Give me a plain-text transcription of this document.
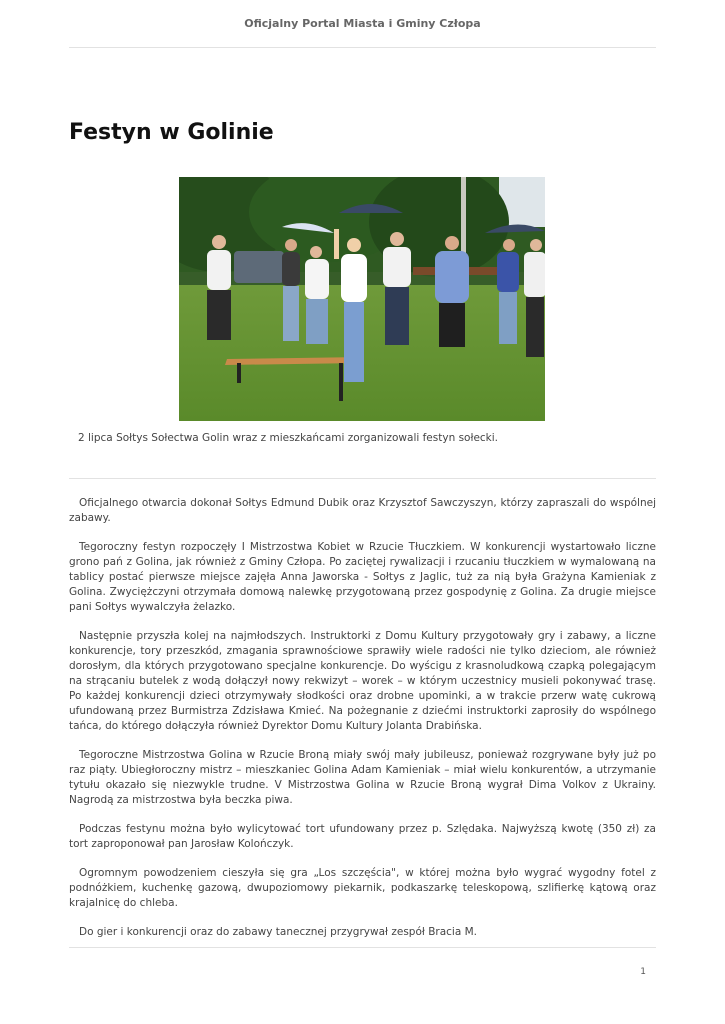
Oficjalny Portal Miasta i Gminy Człopa
Festyn w Golinie
2 lipca Sołtys Sołectwa Golin wraz z mieszkańcami zorganizowali festyn sołecki.

Oficjalnego otwarcia dokonał Sołtys Edmund Dubik oraz Krzysztof Sawczyszyn, którzy zapraszali do wspólnej zabawy.

Tegoroczny festyn rozpoczęły I Mistrzostwa Kobiet w Rzucie Tłuczkiem. W konkurencji wystartowało liczne grono pań z Golina, jak również z Gminy Człopa. Po zaciętej rywalizacji i rzucaniu tłuczkiem w wymalowaną na tablicy postać pierwsze miejsce zajęła Anna Jaworska - Sołtys z Jaglic, tuż za nią była Grażyna Kamieniak z Golina. Zwyciężczyni otrzymała domową nalewkę przygotowaną przez gospodynię z Golina. Za drugie miejsce pani Sołtys wywalczyła żelazko.

Następnie przyszła kolej na najmłodszych. Instruktorki z Domu Kultury przygotowały gry i zabawy, a liczne konkurencje, tory przeszkód, zmagania sprawnościowe sprawiły wiele radości nie tylko dzieciom, ale również dorosłym, dla których przygotowano specjalne konkurencje. Do wyścigu z krasnoludkową czapką polegającym na strącaniu butelek z wodą dołączył nowy rekwizyt – worek – w którym uczestnicy musieli pokonywać trasę. Po każdej konkurencji dzieci otrzymywały słodkości oraz drobne upominki, a w trakcie przerw watę cukrową ufundowaną przez Burmistrza Zdzisława Kmieć. Na pożegnanie z dziećmi instruktorki zaprosiły do wspólnego tańca, do którego dołączyła również Dyrektor Domu Kultury Jolanta Drabińska.

Tegoroczne Mistrzostwa Golina w Rzucie Broną miały swój mały jubileusz, ponieważ rozgrywane były już po raz piąty. Ubiegłoroczny mistrz – mieszkaniec Golina Adam Kamieniak – miał wielu konkurentów, a utrzymanie tytułu okazało się niezwykle trudne. V Mistrzostwa Golina w Rzucie Broną wygrał Dima Volkov z Ukrainy. Nagrodą za mistrzostwa była beczka piwa.

Podczas festynu można było wylicytować tort ufundowany przez p. Szlędaka. Najwyższą kwotę (350 zł) za tort zaproponował pan Jarosław Kolończyk.

Ogromnym powodzeniem cieszyła się gra „Los szczęścia", w której można było wygrać wygodny fotel z podnóżkiem, kuchenkę gazową, dwupoziomowy piekarnik, podkaszarkę teleskopową, szlifierkę kątową oraz krajalnicę do chleba.

Do gier i konkurencji oraz do zabawy tanecznej przygrywał zespół Bracia M.

1
